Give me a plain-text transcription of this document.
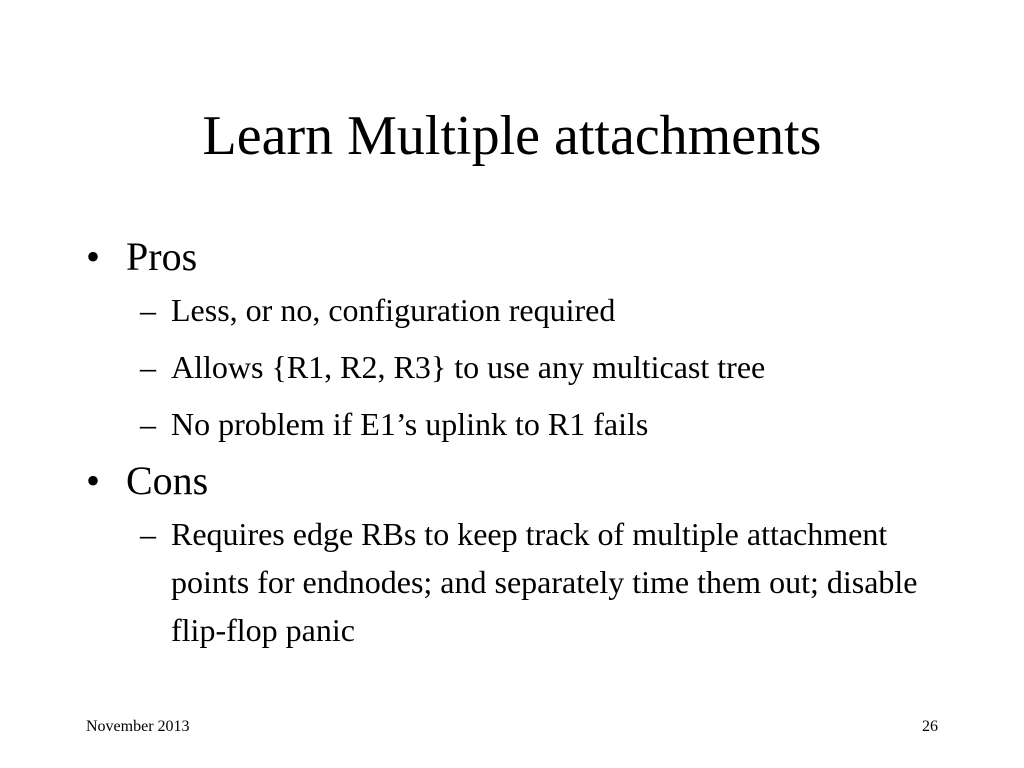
Learn Multiple attachments
• Pros
– Less, or no, configuration required
– Allows {R1, R2, R3} to use any multicast tree
– No problem if E1’s uplink to R1 fails
• Cons
– Requires edge RBs to keep track of multiple attachment points for endnodes; and separately time them out; disable flip-flop panic
November 2013	26
